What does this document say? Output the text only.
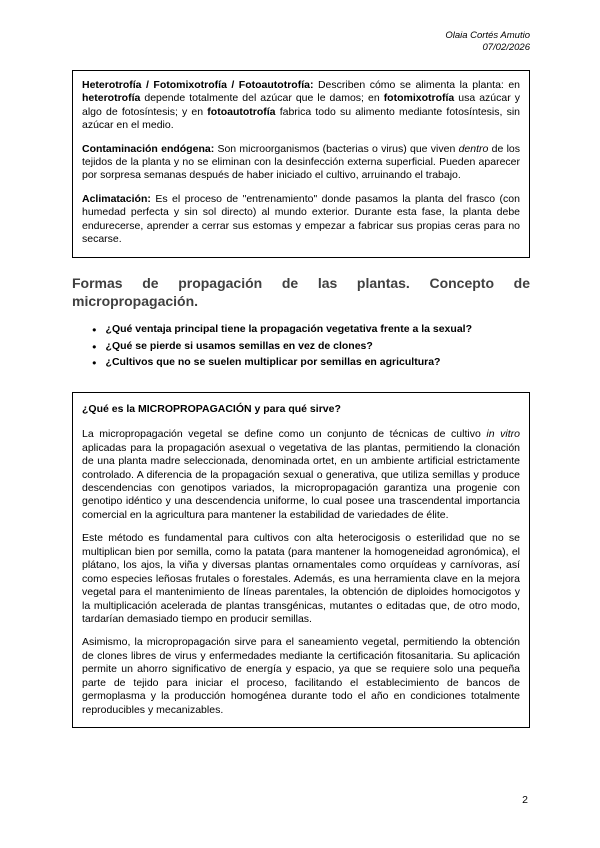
Olaia Cortés Amutio
07/02/2026

Heterotrofía / Fotomixotrofía / Fotoautotrofía: Describen cómo se alimenta la planta: en heterotrofía depende totalmente del azúcar que le damos; en fotomixotrofía usa azúcar y algo de fotosíntesis; y en fotoautotrofía fabrica todo su alimento mediante fotosíntesis, sin azúcar en el medio.

Contaminación endógena: Son microorganismos (bacterias o virus) que viven dentro de los tejidos de la planta y no se eliminan con la desinfección externa superficial. Pueden aparecer por sorpresa semanas después de haber iniciado el cultivo, arruinando el trabajo.

Aclimatación: Es el proceso de "entrenamiento" donde pasamos la planta del frasco (con humedad perfecta y sin sol directo) al mundo exterior. Durante esta fase, la planta debe endurecerse, aprender a cerrar sus estomas y empezar a fabricar sus propias ceras para no secarse.

Formas de propagación de las plantas. Concepto de micropropagación.
● ¿Qué ventaja principal tiene la propagación vegetativa frente a la sexual?
● ¿Qué se pierde si usamos semillas en vez de clones?
● ¿Cultivos que no se suelen multiplicar por semillas en agricultura?

¿Qué es la MICROPROPAGACIÓN y para qué sirve?

La micropropagación vegetal se define como un conjunto de técnicas de cultivo in vitro aplicadas para la propagación asexual o vegetativa de las plantas, permitiendo la clonación de una planta madre seleccionada, denominada ortet, en un ambiente artificial estrictamente controlado. A diferencia de la propagación sexual o generativa, que utiliza semillas y produce descendencias con genotipos variados, la micropropagación garantiza una progenie con genotipo idéntico y una descendencia uniforme, lo cual posee una trascendental importancia comercial en la agricultura para mantener la estabilidad de variedades de élite.

Este método es fundamental para cultivos con alta heterocigosis o esterilidad que no se multiplican bien por semilla, como la patata (para mantener la homogeneidad agronómica), el plátano, los ajos, la viña y diversas plantas ornamentales como orquídeas y carnívoras, así como especies leñosas frutales o forestales. Además, es una herramienta clave en la mejora vegetal para el mantenimiento de líneas parentales, la obtención de diploides homocigotos y la multiplicación acelerada de plantas transgénicas, mutantes o editadas que, de otro modo, tardarían demasiado tiempo en producir semillas.

Asimismo, la micropropagación sirve para el saneamiento vegetal, permitiendo la obtención de clones libres de virus y enfermedades mediante la certificación fitosanitaria. Su aplicación permite un ahorro significativo de energía y espacio, ya que se requiere solo una pequeña parte de tejido para iniciar el proceso, facilitando el establecimiento de bancos de germoplasma y la producción homogénea durante todo el año en condiciones totalmente reproducibles y mecanizables.

2
